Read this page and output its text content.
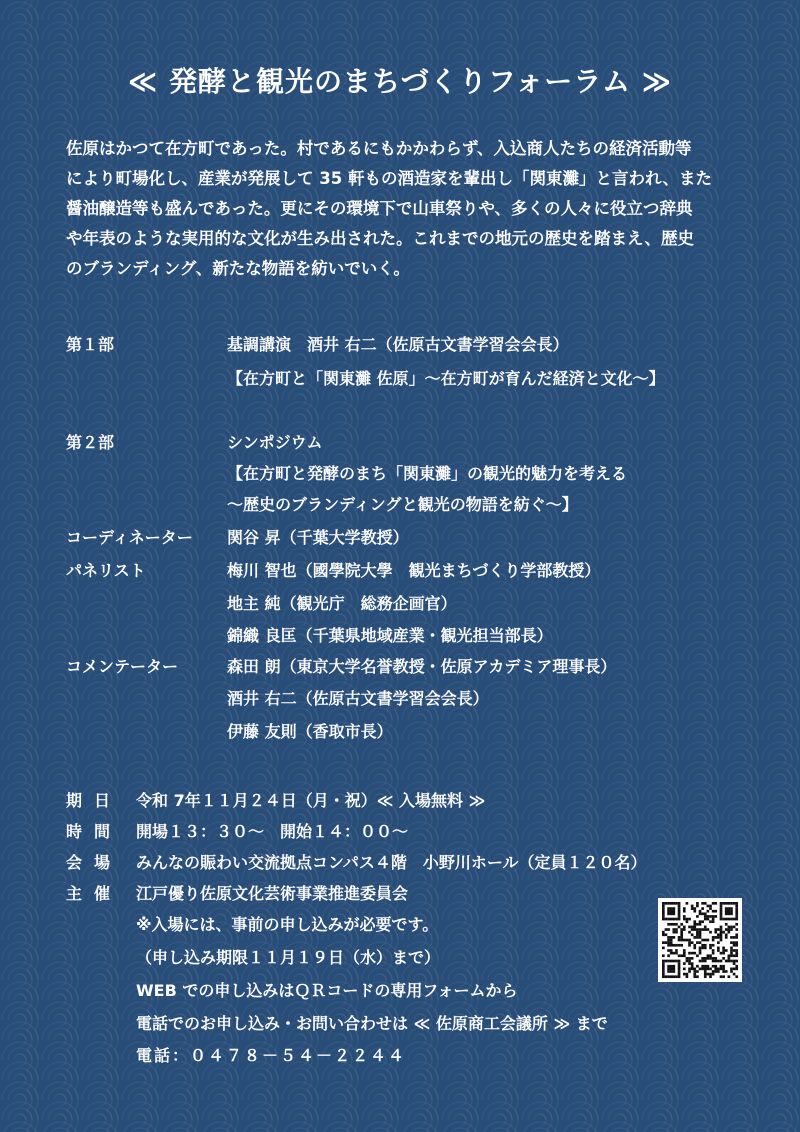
≪ 発酵と観光のまちづくりフォーラム ≫
佐原はかつて在方町であった。村であるにもかかわらず、入込商人たちの経済活動等
により町場化し、産業が発展して 35 軒もの酒造家を輩出し「関東灘」と言われ、また
醤油醸造等も盛んであった。更にその環境下で山車祭りや、多くの人々に役立つ辞典
や年表のような実用的な文化が生み出された。これまでの地元の歴史を踏まえ、歴史
のブランディング、新たな物語を紡いでいく。
第１部	基調講演　酒井 右二（佐原古文書学習会会長）
【在方町と「関東灘 佐原」〜在方町が育んだ経済と文化〜】
第２部	シンポジウム
【在方町と発酵のまち「関東灘」の観光的魅力を考える
〜歴史のブランディングと観光の物語を紡ぐ〜】
コーディネーター 関谷 昇（千葉大学教授）
パネリスト	梅川 智也（國學院大學　観光まちづくり学部教授）
地主 純（観光庁　総務企画官）
錦織 良匡（千葉県地域産業・観光担当部長）
コメンテーター	森田 朗（東京大学名誉教授・佐原アカデミア理事長）
酒井 右二（佐原古文書学習会会長）
伊藤 友則（香取市長）
期日 令和 7年１１月２４日（月・祝）≪ 入場無料 ≫
時間 開場１３：３０〜　開始１４：００〜
会場 みんなの賑わい交流拠点コンパス４階　小野川ホール（定員１２０名）
主催 江戸優り佐原文化芸術事業推進委員会
※入場には、事前の申し込みが必要です。
（申し込み期限１１月１９日（水）まで）
WEB での申し込みはＱＲコードの専用フォームから
電話でのお申し込み・お問い合わせは ≪ 佐原商工会議所 ≫ まで
電話：０４７８－５４－２２４４
